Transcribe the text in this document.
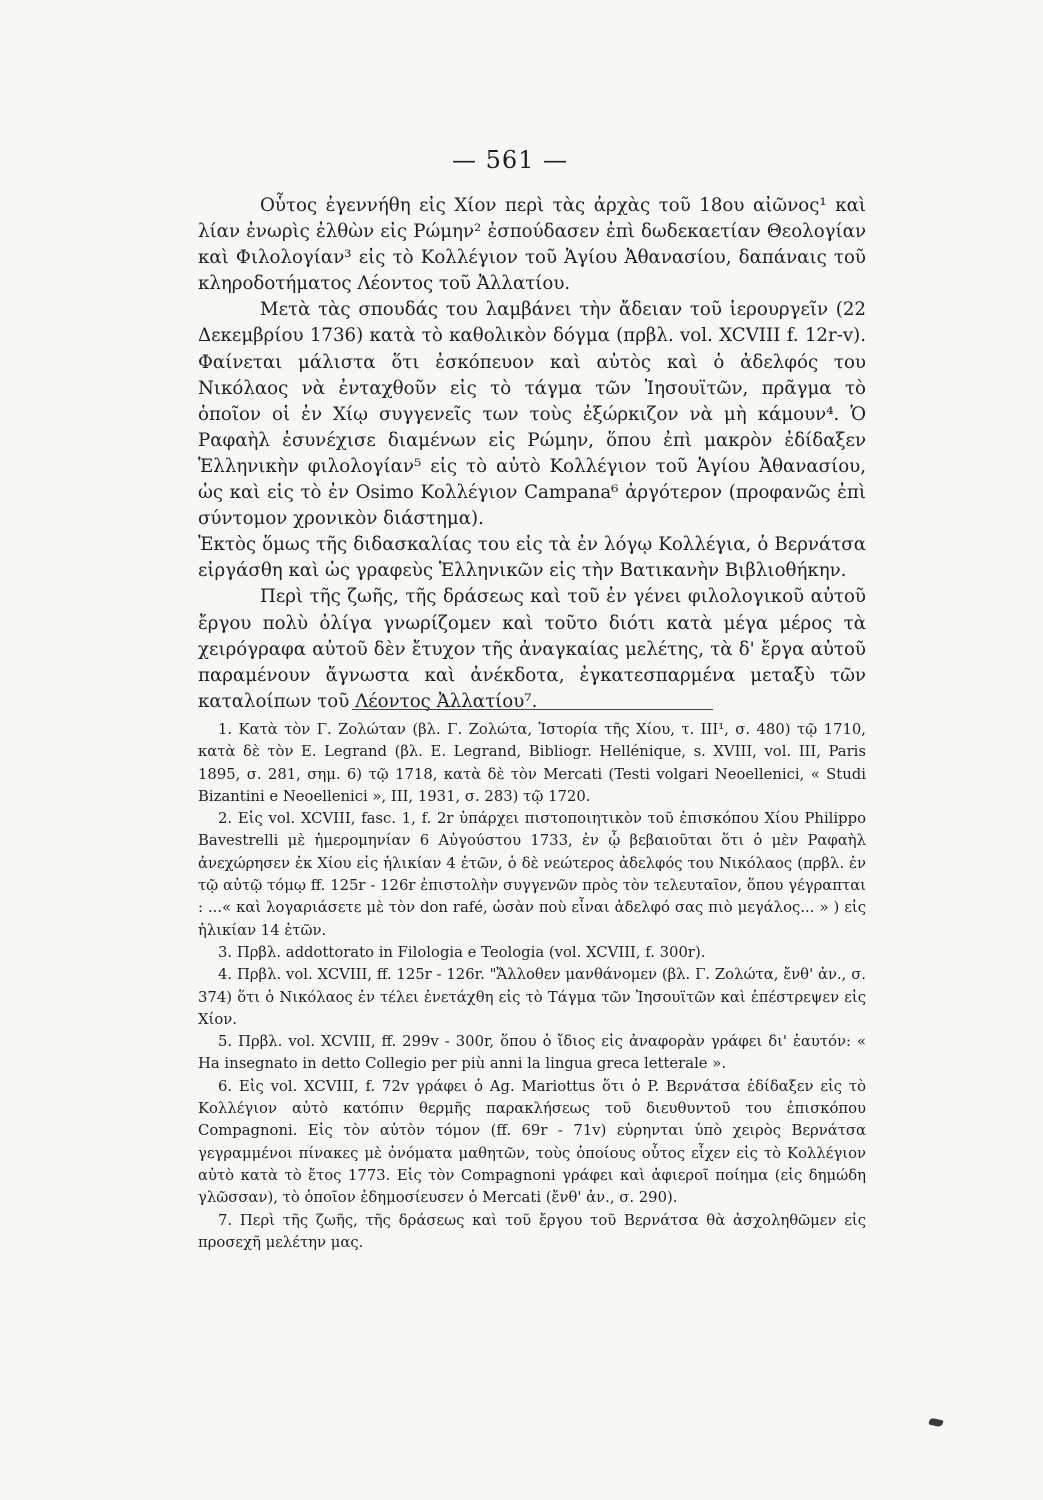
— 561 —

Οὗτος ἐγεννήθη εἰς Χίον περὶ τὰς ἀρχὰς τοῦ 18ου αἰῶνος¹ καὶ λίαν ἐνωρὶς ἐλθὼν εἰς Ρώμην² ἐσπούδασεν ἐπὶ δωδεκαετίαν Θεολογίαν καὶ Φιλολογίαν³ εἰς τὸ Κολλέγιον τοῦ Ἁγίου Ἀθανασίου, δαπάναις τοῦ κληροδοτήματος Λέοντος τοῦ Ἀλλατίου.

Μετὰ τὰς σπουδάς του λαμβάνει τὴν ἄδειαν τοῦ ἱερουργεῖν (22 Δεκεμβρίου 1736) κατὰ τὸ καθολικὸν δόγμα (πρβλ. vol. XCVIII f. 12r-v). Φαίνεται μάλιστα ὅτι ἐσκόπευον καὶ αὐτὸς καὶ ὁ ἀδελφός του Νικόλαος νὰ ἐνταχθοῦν εἰς τὸ τάγμα τῶν Ἰησουϊτῶν, πρᾶγμα τὸ ὁποῖον οἱ ἐν Χίῳ συγγενεῖς των τοὺς ἐξώρκιζον νὰ μὴ κάμουν⁴. Ὁ Ραφαὴλ ἐσυνέχισε διαμένων εἰς Ρώμην, ὅπου ἐπὶ μακρὸν ἐδίδαξεν Ἑλληνικὴν φιλολογίαν⁵ εἰς τὸ αὐτὸ Κολλέγιον τοῦ Ἁγίου Ἀθανασίου, ὡς καὶ εἰς τὸ ἐν Osimo Κολλέγιον Campana⁶ ἀργότερον (προφανῶς ἐπὶ σύντομον χρονικὸν διάστημα).

Ἐκτὸς ὅμως τῆς διδασκαλίας του εἰς τὰ ἐν λόγῳ Κολλέγια, ὁ Βερνάτσα εἰργάσθη καὶ ὡς γραφεὺς Ἑλληνικῶν εἰς τὴν Βατικανὴν Βιβλιοθήκην.

Περὶ τῆς ζωῆς, τῆς δράσεως καὶ τοῦ ἐν γένει φιλολογικοῦ αὐτοῦ ἔργου πολὺ ὀλίγα γνωρίζομεν καὶ τοῦτο διότι κατὰ μέγα μέρος τὰ χειρόγραφα αὐτοῦ δὲν ἔτυχον τῆς ἀναγκαίας μελέτης, τὰ δ' ἔργα αὐτοῦ παραμένουν ἄγνωστα καὶ ἀνέκδοτα, ἐγκατεσπαρμένα μεταξὺ τῶν καταλοίπων τοῦ Λέοντος Ἀλλατίου⁷.

1. Κατὰ τὸν Γ. Ζολώταν (βλ. Γ. Ζολώτα, Ἱστορία τῆς Χίου, τ. III¹, σ. 480) τῷ 1710, κατὰ δὲ τὸν E. Legrand (βλ. E. Legrand, Bibliogr. Hellénique, s. XVIII, vol. III, Paris 1895, σ. 281, σημ. 6) τῷ 1718, κατὰ δὲ τὸν Mercati (Testi volgari Neoellenici, « Studi Bizantini e Neoellenici », III, 1931, σ. 283) τῷ 1720.

2. Εἰς vol. XCVIII, fasc. 1, f. 2r ὑπάρχει πιστοποιητικὸν τοῦ ἐπισκόπου Χίου Philippo Bavestrelli μὲ ἡμερομηνίαν 6 Αὐγούστου 1733, ἐν ᾧ βεβαιοῦται ὅτι ὁ μὲν Ραφαὴλ ἀνεχώρησεν ἐκ Χίου εἰς ἡλικίαν 4 ἐτῶν, ὁ δὲ νεώτερος ἀδελφός του Νικόλαος (πρβλ. ἐν τῷ αὐτῷ τόμῳ ff. 125r - 126r ἐπιστολὴν συγγενῶν πρὸς τὸν τελευταῖον, ὅπου γέγραπται : ...« καὶ λογαριάσετε μὲ τὸν don rafé, ὡσὰν ποὺ εἶναι ἀδελφό σας πιὸ μεγάλος... » ) εἰς ἡλικίαν 14 ἐτῶν.

3. Πρβλ. addottorato in Filologia e Teologia (vol. XCVIII, f. 300r).

4. Πρβλ. vol. XCVIII, ff. 125r - 126r. "Ἄλλοθεν μανθάνομεν (βλ. Γ. Ζολώτα, ἔνθ' ἀν., σ. 374) ὅτι ὁ Νικόλαος ἐν τέλει ἐνετάχθη εἰς τὸ Τάγμα τῶν Ἰησουϊτῶν καὶ ἐπέστρεψεν εἰς Χίον.

5. Πρβλ. vol. XCVIII, ff. 299v - 300r, ὅπου ὁ ἴδιος εἰς ἀναφορὰν γράφει δι' ἑαυτόν: « Ha insegnato in detto Collegio per più anni la lingua greca letterale ».

6. Εἰς vol. XCVIII, f. 72v γράφει ὁ Ag. Mariottus ὅτι ὁ P. Βερνάτσα ἐδίδαξεν εἰς τὸ Κολλέγιον αὐτὸ κατόπιν θερμῆς παρακλήσεως τοῦ διευθυντοῦ του ἐπισκόπου Compagnoni. Εἰς τὸν αὐτὸν τόμον (ff. 69r - 71v) εὑρηνται ὑπὸ χειρὸς Βερνάτσα γεγραμμένοι πίνακες μὲ ὀνόματα μαθητῶν, τοὺς ὁποίους οὗτος εἶχεν εἰς τὸ Κολλέγιον αὐτὸ κατὰ τὸ ἔτος 1773. Εἰς τὸν Compagnoni γράφει καὶ ἀφιεροῖ ποίημα (εἰς δημώδη γλῶσσαν), τὸ ὁποῖον ἐδημοσίευσεν ὁ Mercati (ἔνθ' ἀν., σ. 290).

7. Περὶ τῆς ζωῆς, τῆς δράσεως καὶ τοῦ ἔργου τοῦ Βερνάτσα θὰ ἀσχοληθῶμεν εἰς προσεχῆ μελέτην μας.
